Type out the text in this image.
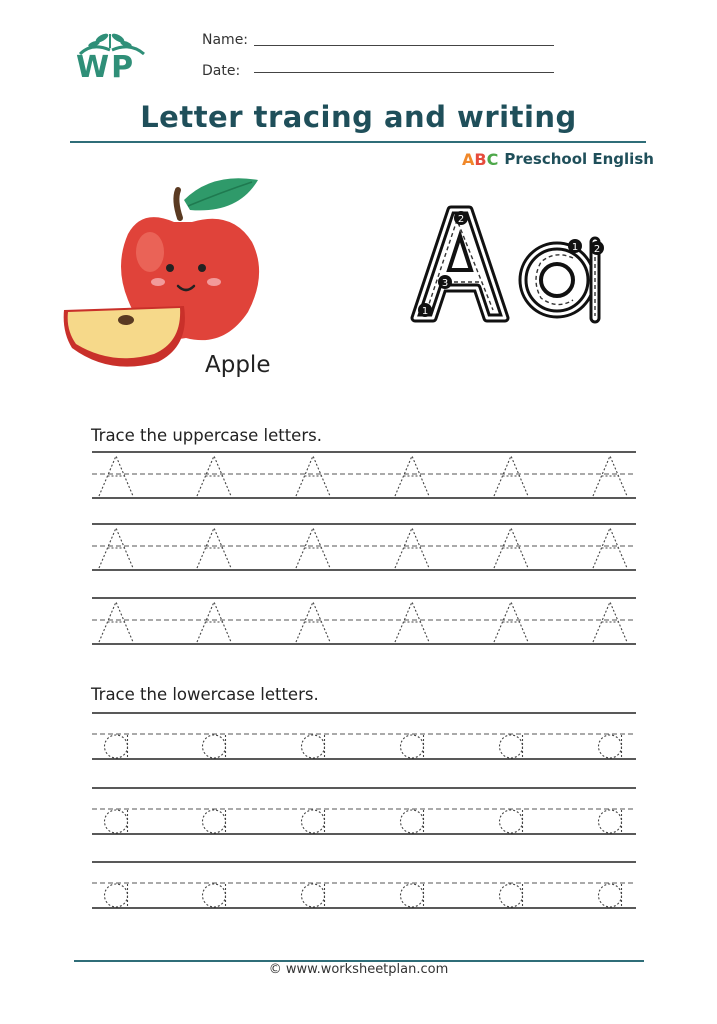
WP
Name:
Date:
Letter tracing and writing
ABC Preschool English
Apple
1
2
3
1 2
Trace the uppercase letters.
Trace the lowercase letters.
© www.worksheetplan.com
